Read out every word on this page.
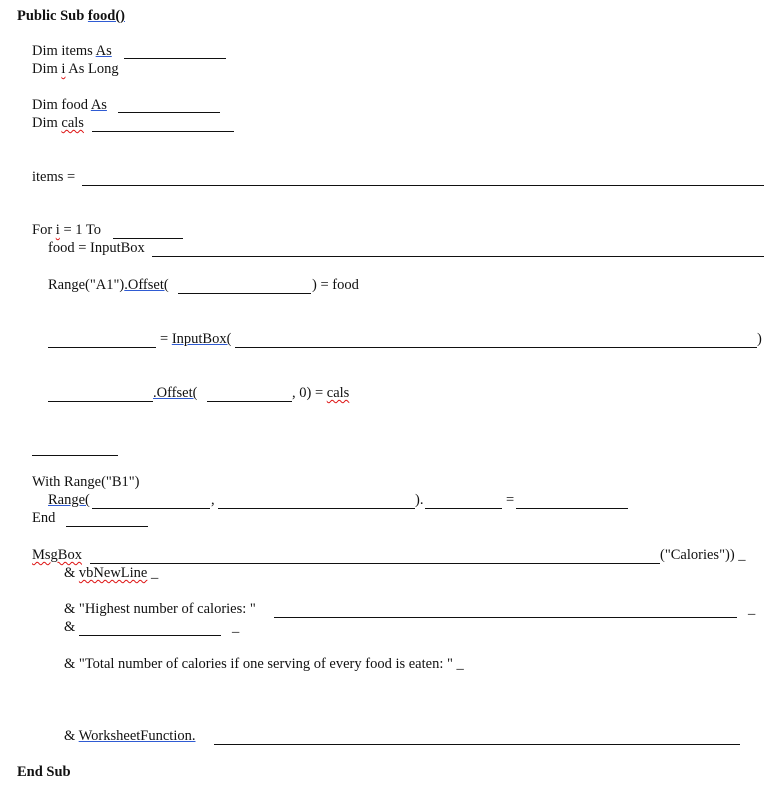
Public Sub food()
Dim items As
Dim i As Long
Dim food As
Dim cals
items =
For i = 1 To
food = InputBox
Range("A1").Offset(	) = food
= InputBox(	)
.Offset(	, 0) = cals
With Range("B1")
Range(	,	).	=
End
MsgBox	("Calories")) _
& vbNewLine _
& "Highest number of calories: "	_
&	_
& "Total number of calories if one serving of every food is eaten: " _
& WorksheetFunction.
End Sub
